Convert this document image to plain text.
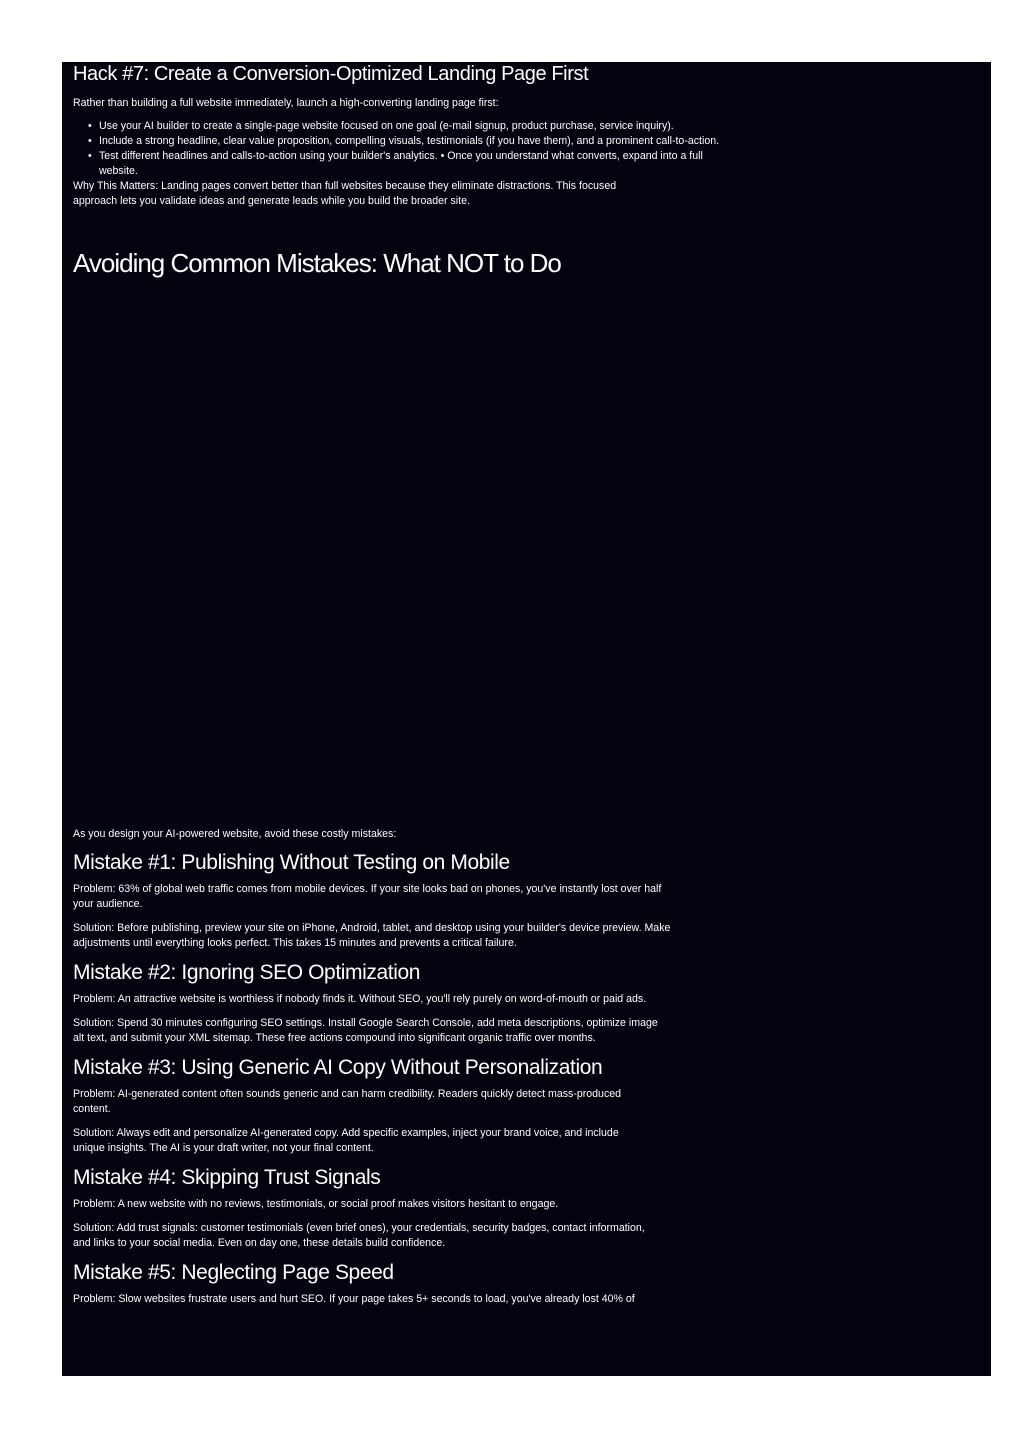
Hack #7: Create a Conversion-Optimized Landing Page First

Rather than building a full website immediately, launch a high-converting landing page first:

• Use your AI builder to create a single-page website focused on one goal (e-mail signup, product purchase, service inquiry).
• Include a strong headline, clear value proposition, compelling visuals, testimonials (if you have them), and a prominent call-to-action.
• Test different headlines and calls-to-action using your builder's analytics. • Once you understand what converts, expand into a full website.

Why This Matters: Landing pages convert better than full websites because they eliminate distractions. This focused approach lets you validate ideas and generate leads while you build the broader site.

Avoiding Common Mistakes: What NOT to Do

As you design your AI-powered website, avoid these costly mistakes:

Mistake #1: Publishing Without Testing on Mobile

Problem: 63% of global web traffic comes from mobile devices. If your site looks bad on phones, you've instantly lost over half your audience.

Solution: Before publishing, preview your site on iPhone, Android, tablet, and desktop using your builder's device preview. Make adjustments until everything looks perfect. This takes 15 minutes and prevents a critical failure.

Mistake #2: Ignoring SEO Optimization

Problem: An attractive website is worthless if nobody finds it. Without SEO, you'll rely purely on word-of-mouth or paid ads.

Solution: Spend 30 minutes configuring SEO settings. Install Google Search Console, add meta descriptions, optimize image alt text, and submit your XML sitemap. These free actions compound into significant organic traffic over months.

Mistake #3: Using Generic AI Copy Without Personalization

Problem: AI-generated content often sounds generic and can harm credibility. Readers quickly detect mass-produced content.

Solution: Always edit and personalize AI-generated copy. Add specific examples, inject your brand voice, and include unique insights. The AI is your draft writer, not your final content.

Mistake #4: Skipping Trust Signals

Problem: A new website with no reviews, testimonials, or social proof makes visitors hesitant to engage.

Solution: Add trust signals: customer testimonials (even brief ones), your credentials, security badges, contact information, and links to your social media. Even on day one, these details build confidence.

Mistake #5: Neglecting Page Speed

Problem: Slow websites frustrate users and hurt SEO. If your page takes 5+ seconds to load, you've already lost 40% of
